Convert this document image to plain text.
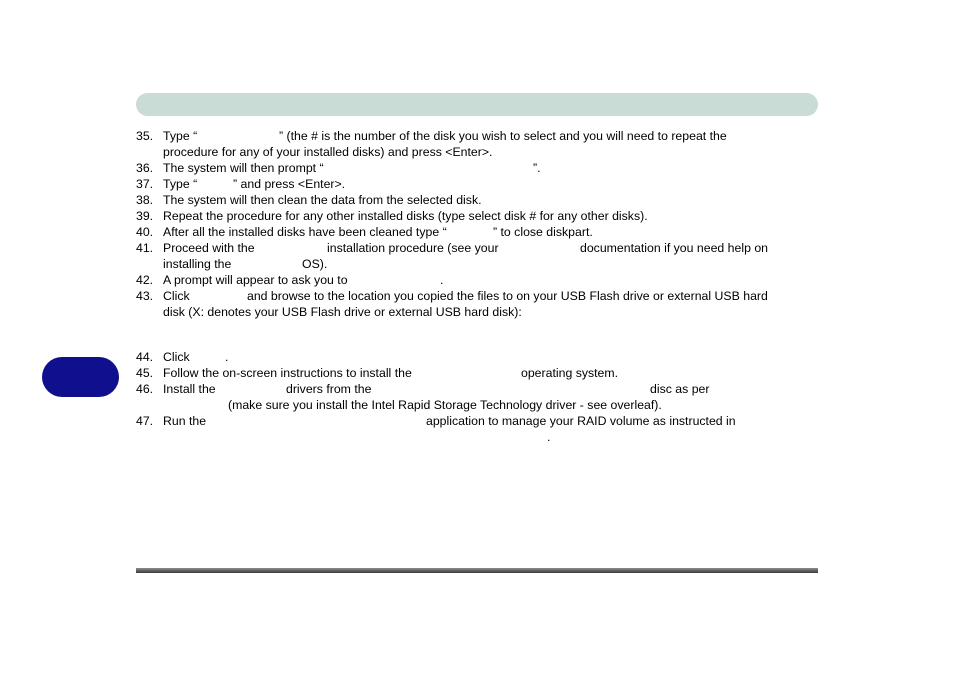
35. Type “	” (the # is the number of the disk you wish to select and you will need to repeat the
procedure for any of your installed disks) and press <Enter>.
36. The system will then prompt “	”.
37. Type “	” and press <Enter>.
38. The system will then clean the data from the selected disk.
39. Repeat the procedure for any other installed disks (type select disk # for any other disks).
40. After all the installed disks have been cleaned type “	” to close diskpart.
41. Proceed with the	installation procedure (see your	documentation if you need help on
installing the	OS).
42. A prompt will appear to ask you to	.
43. Click	and browse to the location you copied the files to on your USB Flash drive or external USB hard
disk (X: denotes your USB Flash drive or external USB hard disk):
44. Click	.
45. Follow the on-screen instructions to install the	operating system.
46. Install the	drivers from the	disc as per
(make sure you install the Intel Rapid Storage Technology driver - see overleaf).
47. Run the	application to manage your RAID volume as instructed in
.
